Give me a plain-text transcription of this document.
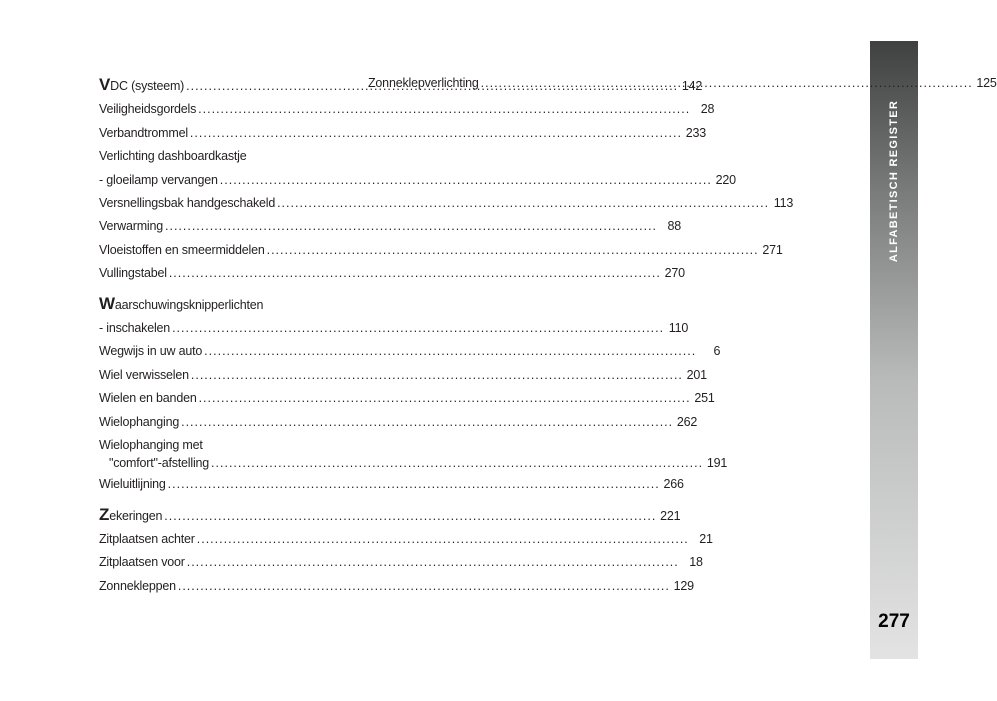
ALFABETISCH REGISTER
277
VDC (systeem) .....	142
Veiligheidsgordels .....	28
Verbandtrommel .....	233
Verlichting dashboardkastje
- gloeilamp vervangen .....	220
Versnellingsbak handgeschakeld .....	113
Verwarming .....	88
Vloeistoffen en smeermiddelen .....	271
Vullingstabel .....	270
Waarschuwingsknipperlichten
- inschakelen .....	110
Wegwijs in uw auto .....	6
Wiel verwisselen .....	201
Wielen en banden .....	251
Wielophanging .....	262
Wielophanging met
"comfort"-afstelling .....	191
Wieluitlijning .....	266
Zekeringen .....	221
Zitplaatsen achter .....	21
Zitplaatsen voor .....	18
Zonnekleppen .....	129
Zonneklepverlichting .....	125
